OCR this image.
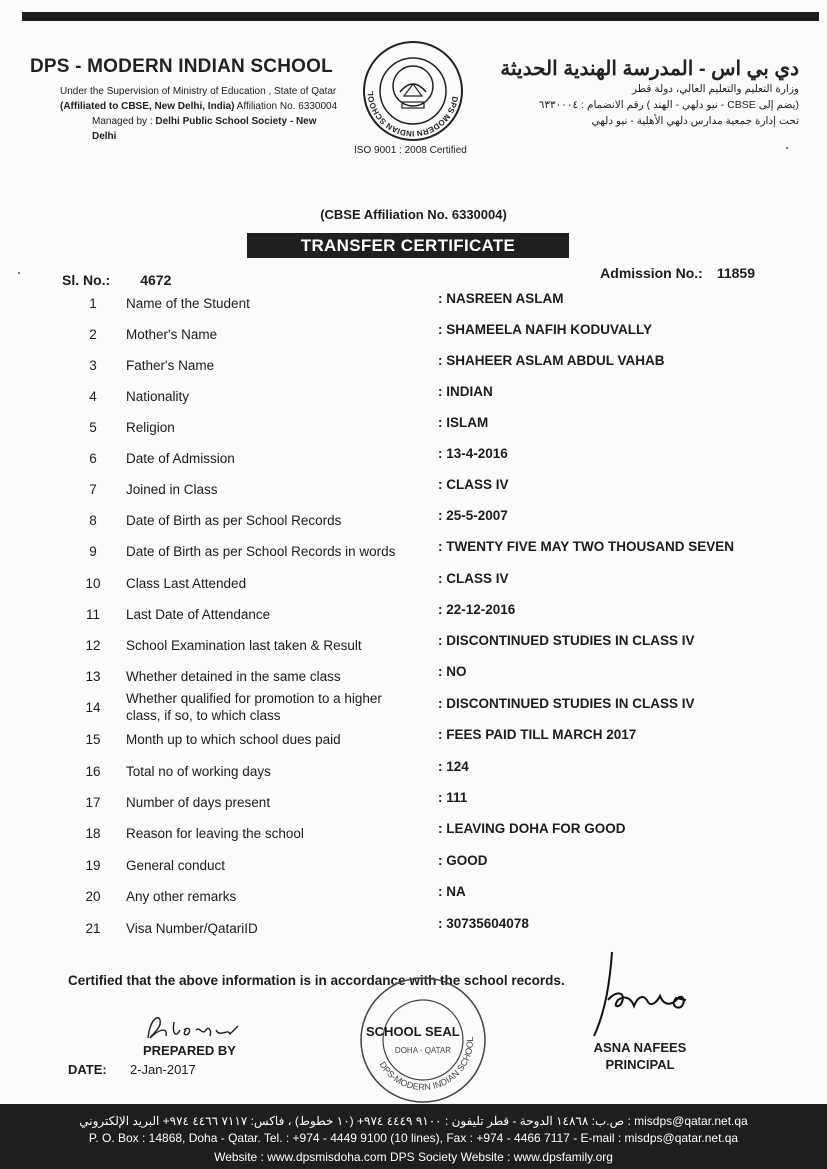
DPS - MODERN INDIAN SCHOOL
Under the Supervision of Ministry of Education , State of Qatar
(Affiliated to CBSE, New Delhi, India) Affiliation No. 6330004
Managed by : Delhi Public School Society - New Delhi
DPS MODERN INDIAN SCHOOL
ISO 9001 : 2008 Certified
دي بي اس - المدرسة الهندية الحديثة
وزارة التعليم والتعليم العالي، دولة قطر
(يضم إلى CBSE - نيو دلهي - الهند ) رقم الانضمام : ٦٣٣٠٠٠٤
تحت إدارة جمعية مدارس دلهي الأهلية - نيو دلهي
(CBSE Affiliation No. 6330004)
TRANSFER CERTIFICATE
Sl. No.: 4672	Admission No.: 11859
1	Name of the Student	: NASREEN ASLAM
2	Mother's Name	: SHAMEELA NAFIH KODUVALLY
3	Father's Name	: SHAHEER ASLAM ABDUL VAHAB
4	Nationality	: INDIAN
5	Religion	: ISLAM
6	Date of Admission	: 13-4-2016
7	Joined in Class	: CLASS IV
8	Date of Birth as per School Records	: 25-5-2007
9	Date of Birth as per School Records in words	: TWENTY FIVE MAY TWO THOUSAND SEVEN
10	Class Last Attended	: CLASS IV
11	Last Date of Attendance	: 22-12-2016
12	School Examination last taken & Result	: DISCONTINUED STUDIES IN CLASS IV
13	Whether detained in the same class	: NO
14
Whether qualified for promotion to a higher class, if so, to which class
: DISCONTINUED STUDIES IN CLASS IV
15	Month up to which school dues paid	: FEES PAID TILL MARCH 2017
16	Total no of working days	: 124
17	Number of days present	: 111
18	Reason for leaving the school	: LEAVING DOHA FOR GOOD
19	General conduct	: GOOD
20	Any other remarks	: NA
21	Visa Number/QatariID	: 30735604078
Certified that the above information is in accordance with the school records.
PREPARED BY
DATE: 2-Jan-2017	DPS-MODERN INDIAN SCHOOL
DOHA - QATAR
SCHOOL SEAL
ASNA NAFEES
PRINCIPAL
ص.ب: ١٤٨٦٨ الدوحة - قطر تليفون : ٩١٠٠ ٤٤٤٩ ٩٧٤+ (١٠ خطوط) ، فاكس: ٧١١٧ ٤٤٦٦ ٩٧٤+ البريد الإلكتروني : misdps@qatar.net.qa
P. O. Box : 14868, Doha - Qatar. Tel. : +974 - 4449 9100 (10 lines), Fax : +974 - 4466 7117 - E-mail : misdps@qatar.net.qa
Website : www.dpsmisdoha.com DPS Society Website : www.dpsfamily.org
